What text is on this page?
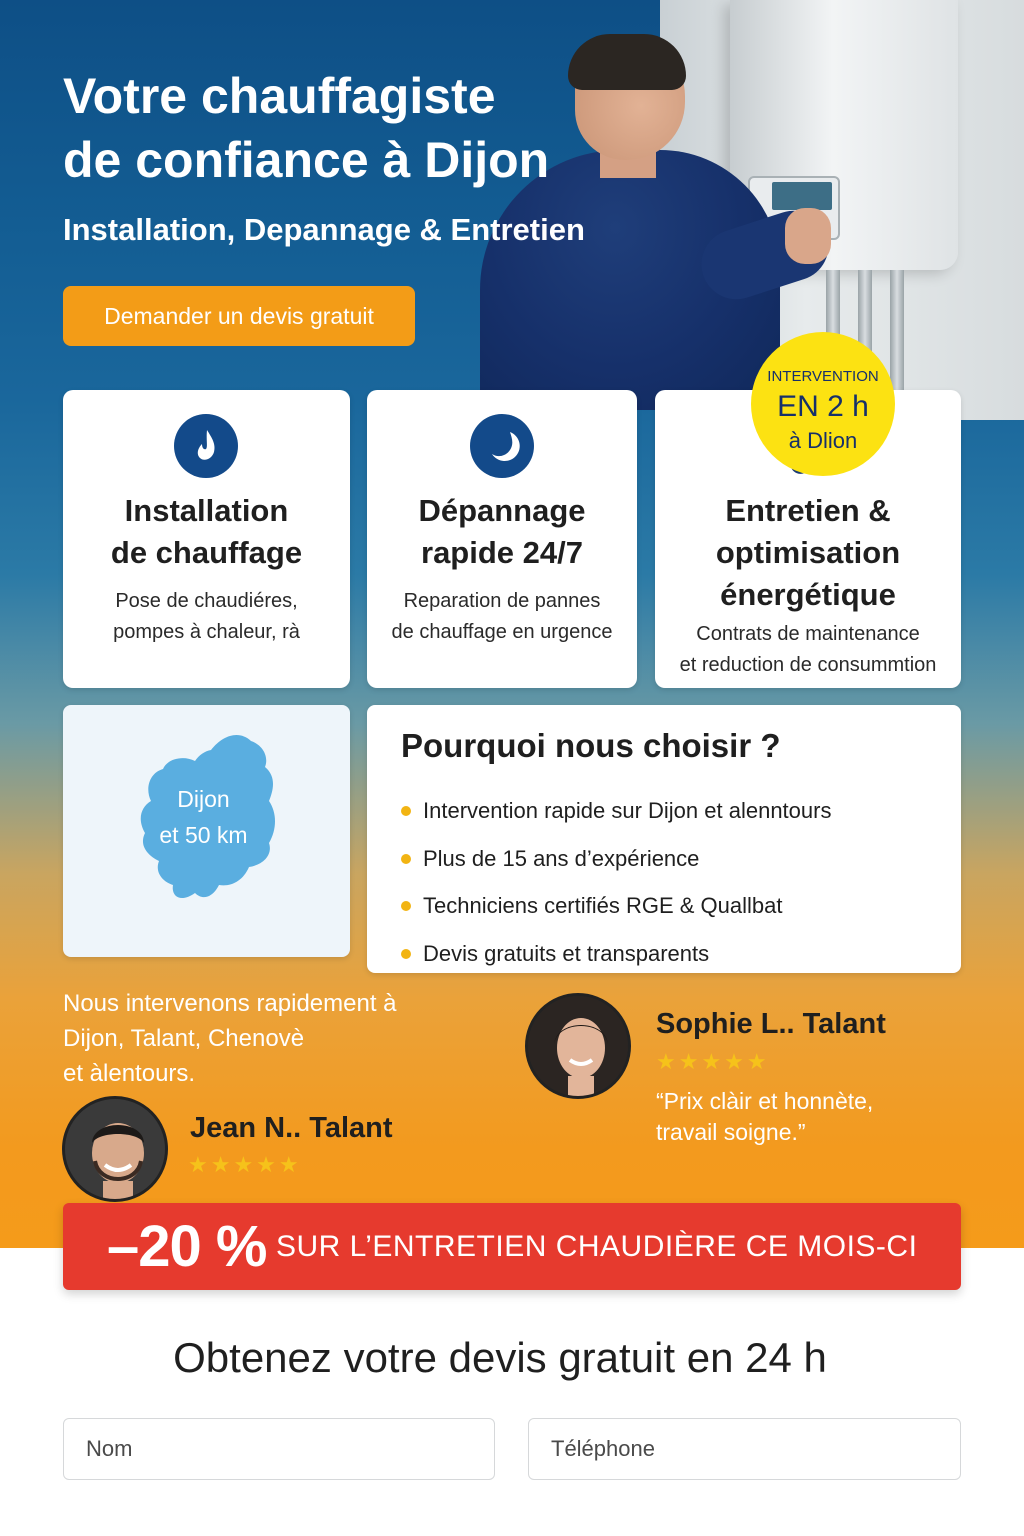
Votre chauffagiste
de confiance à Dijon
Installation, Depannage & Entretien
Demander un devis gratuit
Installation
de chauffage
Pose de chaudiéres,
pompes à chaleur, rà
Dépannage
rapide 24/7
Reparation de pannes
de chauffage en urgence
Entretien &
optimisation
énergétique
Contrats de maintenance
et reduction de consummtion
INTERVENTION
EN 2 h
à Dlion
Dijon
et 50 km
Pourquoi nous choisir ?
Intervention rapide sur Dijon et alenntours
Plus de 15 ans d’expérience
Techniciens certifiés RGE & Quallbat
Devis gratuits et transparents
Nous intervenons rapidement à
Dijon, Talant, Chenovè
et àlentours.
Sophie L.. Talant
★★★★★
“Prix clàir et honnète,
travail soigne.”
Jean N.. Talant
★★★★★
–20 % SUR L’ENTRETIEN CHAUDIÈRE CE MOIS-CI
Obtenez votre devis gratuit en 24 h
Nom
Téléphone
